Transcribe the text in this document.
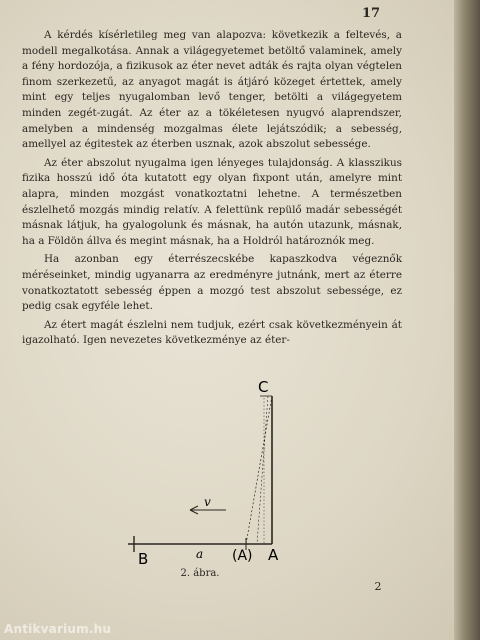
17

A kérdés kísérletileg meg van alapozva: következik a feltevés, a modell megalkotása. Annak a világegyetemet betöltő valaminek, amely a fény hordozója, a fizikusok az éter nevet adták és rajta olyan végtelen finom szerkezetű, az anyagot magát is átjáró közeget értettek, amely mint egy teljes nyugalomban levő tenger, betölti a világegyetem minden zegét-zugát. Az éter az a tökéletesen nyugvó alaprendszer, amelyben a mindenség mozgalmas élete lejátszódik; a sebesség, amellyel az égitestek az éterben usznak, azok abszolut sebessége.

Az éter abszolut nyugalma igen lényeges tulajdonság. A klasszikus fizika hosszú idő óta kutatott egy olyan fixpont után, amelyre mint alapra, minden mozgást vonatkoztatni lehetne. A természetben észlelhető mozgás mindig relatív. A felettünk repülő madár sebességét másnak látjuk, ha gyalogolunk és másnak, ha autón utazunk, másnak, ha a Földön állva és megint másnak, ha a Holdról határoznók meg.

Ha azonban egy éterrészecskébe kapaszkodva végeznők méréseinket, mindig ugyanarra az eredményre jutnánk, mert az éterre vonatkoztatott sebesség éppen a mozgó test abszolut sebessége, ez pedig csak egyféle lehet.

Az étert magát észlelni nem tudjuk, ezért csak következményein át igazolható. Igen nevezetes következménye az éter-

C
v
B	a (A) A
2. ábra.
2
Antikvarium.hu
